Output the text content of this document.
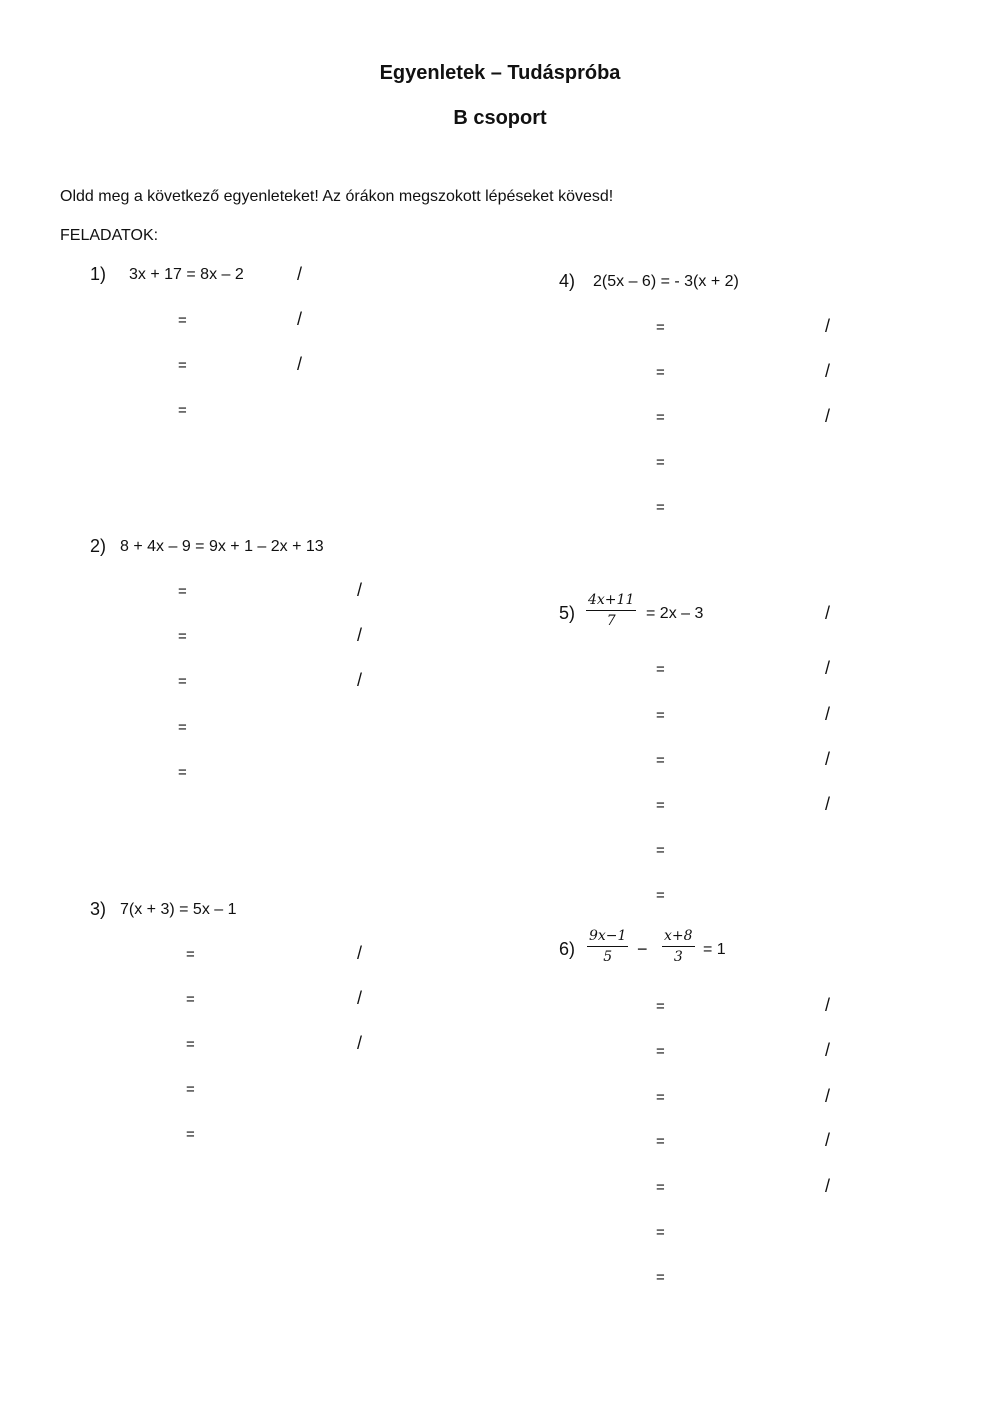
Egyenletek – Tudáspróba
B csoport
Oldd meg a következő egyenleteket! Az órákon megszokott lépéseket kövesd!
FELADATOK:
1) 3x + 17 = 8x – 2	/
=	/
=	/
=
2) 8 + 4x – 9 = 9x + 1 – 2x + 13
=	/
=	/
=	/
=
=
3) 7(x + 3) = 5x – 1
=	/
=	/
=	/
=
=
4) 2(5x – 6) = - 3(x + 2)
=	/
=	/
=	/
=
=
$5) \frac{4x+11}{7} = 2x - 3$	/
=	/
=	/
=	/
=	/
=
=
$6) \frac{9x-1}{5} - \frac{x+8}{3} = 1$
=	/
=	/
=	/
=	/
=	/
=
=
